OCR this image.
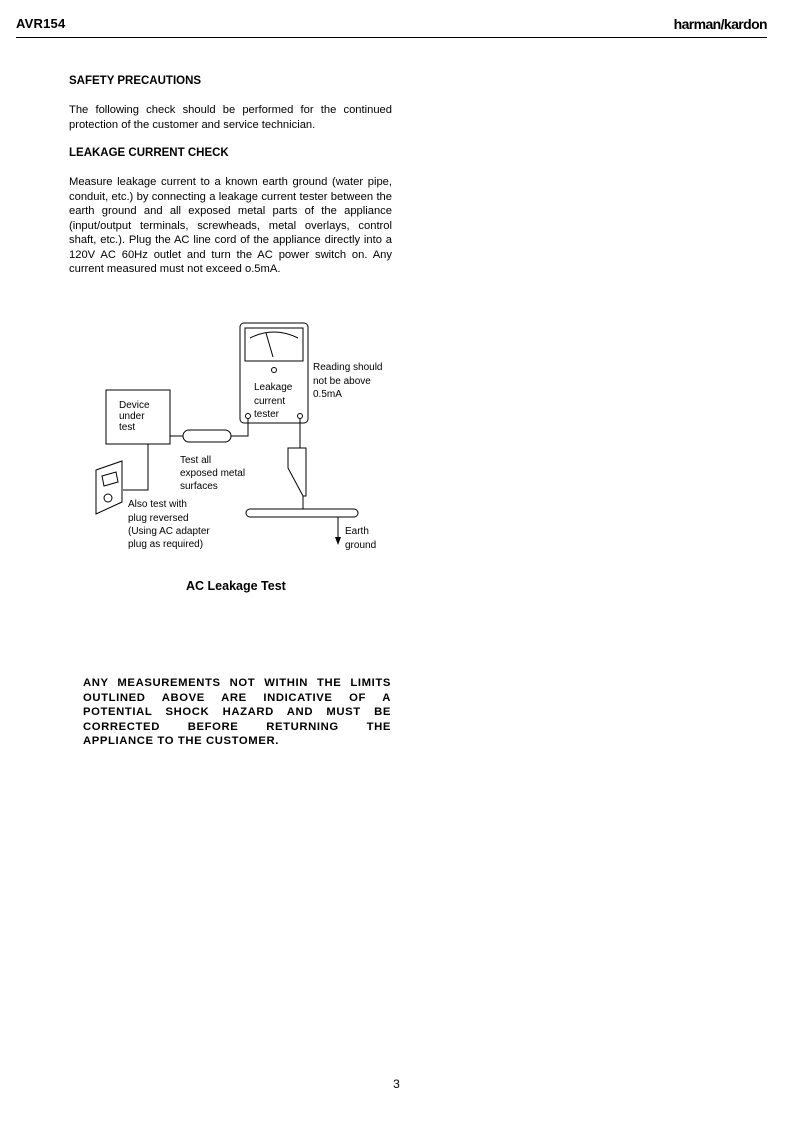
AVR154	harman/kardon
SAFETY PRECAUTIONS

The following check should be performed for the continued protection of the customer and service technician.

LEAKAGE CURRENT CHECK

Measure leakage current to a known earth ground (water pipe, conduit, etc.) by connecting a leakage current tester between the earth ground and all exposed metal parts of the appliance (input/output terminals, screwheads, metal overlays, control shaft, etc.). Plug the AC line cord of the appliance directly into a 120V AC 60Hz outlet and turn the AC power switch on. Any current measured must not exceed o.5mA.

Device under test
Leakage current tester
Reading should not be above 0.5mA
Test all exposed metal surfaces
Also test with plug reversed (Using AC adapter plug as required)
Earth ground
AC Leakage Test

ANY MEASUREMENTS NOT WITHIN THE LIMITS OUTLINED ABOVE ARE INDICATIVE OF A POTENTIAL SHOCK HAZARD AND MUST BE CORRECTED BEFORE RETURNING THE APPLIANCE TO THE CUSTOMER.

3
